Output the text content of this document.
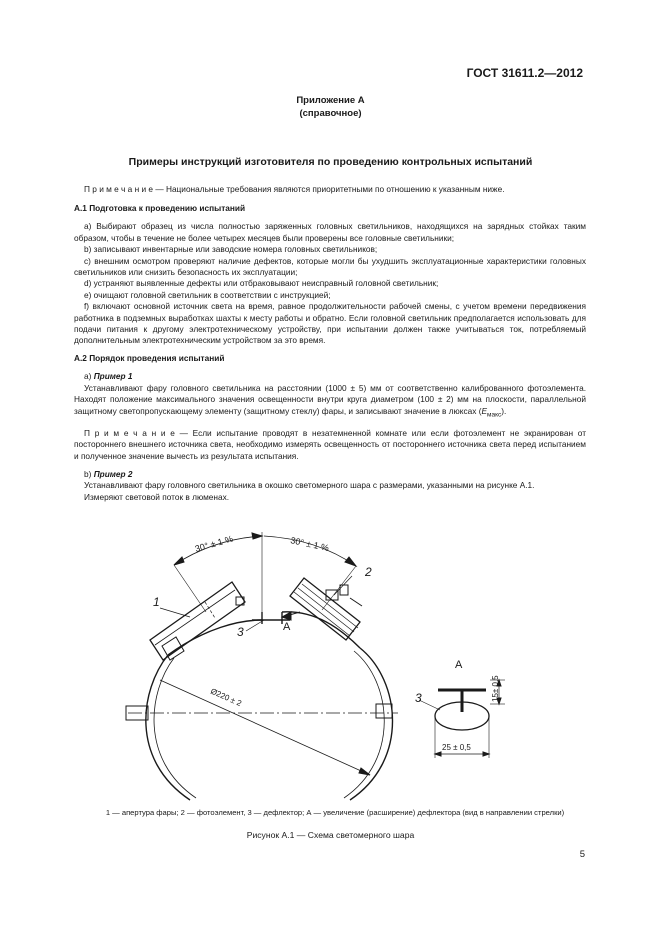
ГОСТ 31611.2—2012
Приложение А
(справочное)
Примеры инструкций изготовителя по проведению контрольных испытаний

П р и м е ч а н и е — Национальные требования являются приоритетными по отношению к указанным ниже.

А.1 Подготовка к проведению испытаний

а) Выбирают образец из числа полностью заряженных головных светильников, находящихся на зарядных стойках таким образом, чтобы в течение не более четырех месяцев были проверены все головные светильники;

b) записывают инвентарные или заводские номера головных светильников;

с) внешним осмотром проверяют наличие дефектов, которые могли бы ухудшить эксплуатационные характеристики головных светильников или снизить безопасность их эксплуатации;

d) устраняют выявленные дефекты или отбраковывают неисправный головной светильник;

е) очищают головной светильник в соответствии с инструкцией;

f) включают основной источник света на время, равное продолжительности рабочей смены, с учетом времени передвижения работника в подземных выработках шахты к месту работы и обратно. Если головной светильник предполагается использовать для подачи питания к другому электротехническому устройству, при испытании должен также учитываться ток, потребляемый дополнительным электротехническим устройством за это время.

А.2 Порядок проведения испытаний

а) Пример 1

Устанавливают фару головного светильника на расстоянии (1000 ± 5) мм от соответственно калиброванного фотоэлемента. Находят положение максимального значения освещенности внутри круга диаметром (100 ± 2) мм на плоскости, параллельной защитному светопропускающему элементу (защитному стеклу) фары, и записывают значение в люксах $(E_{макс})$.

П р и м е ч а н и е — Если испытание проводят в незатемненной комнате или если фотоэлемент не экранирован от постороннего внешнего источника света, необходимо измерять освещенность от постороннего источника света перед испытанием и полученное значение вычесть из результата испытания.

b) Пример 2

Устанавливают фару головного светильника в окошко светомерного шара с размерами, указанными на рисунке А.1.

Измеряют световой поток в люменах.

30° ± 1 %	30° ± 1 %
1
2
3	А
Ø220 ± 2
А
3	15± 0,5
25 ± 0,5
1 — апертура фары; 2 — фотоэлемент, 3 — дефлектор; А — увеличение (расширение) дефлектора (вид в направлении стрелки)
Рисунок А.1 — Схема светомерного шара
5
